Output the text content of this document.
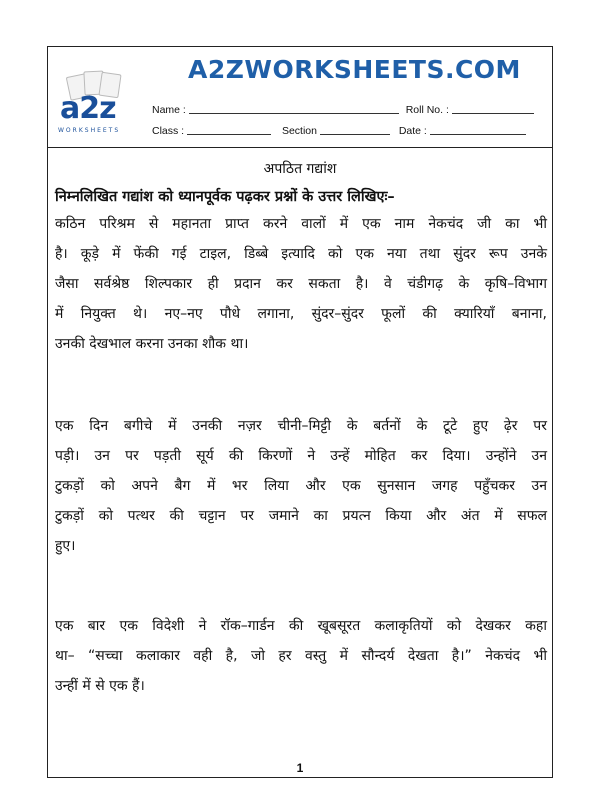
a2z
WORKSHEETS
A2ZWORKSHEETS.COM
Name :	Roll No. :
Class :	Section	Date :
अपठित गद्यांश
निम्नलिखित गद्यांश को ध्यानपूर्वक पढ़कर प्रश्नों के उत्तर लिखिएः–
कठिन परिश्रम से महानता प्राप्त करने वालों में एक नाम नेकचंद जी का भी
है। कूड़े में फेंकी गई टाइल, डिब्बे इत्यादि को एक नया तथा सुंदर रूप उनके
जैसा सर्वश्रेष्ठ शिल्पकार ही प्रदान कर सकता है। वे चंडीगढ़ के कृषि–विभाग
में नियुक्त थे। नए–नए पौधे लगाना, सुंदर–सुंदर फूलों की क्यारियाँ बनाना,
उनकी देखभाल करना उनका शौक था।
एक दिन बगीचे में उनकी नज़र चीनी–मिट्टी के बर्तनों के टूटे हुए ढ़ेर पर
पड़ी। उन पर पड़ती सूर्य की किरणों ने उन्हें मोहित कर दिया। उन्होंने उन
टुकड़ों को अपने बैग में भर लिया और एक सुनसान जगह पहुँचकर उन
टुकड़ों को पत्थर की चट्टान पर जमाने का प्रयत्न किया और अंत में सफल
हुए।
एक बार एक विदेशी ने रॉक–गार्डन की खूबसूरत कलाकृतियों को देखकर कहा
था– “सच्चा कलाकार वही है, जो हर वस्तु में सौन्दर्य देखता है।” नेकचंद भी
उन्हीं में से एक हैं।
1
